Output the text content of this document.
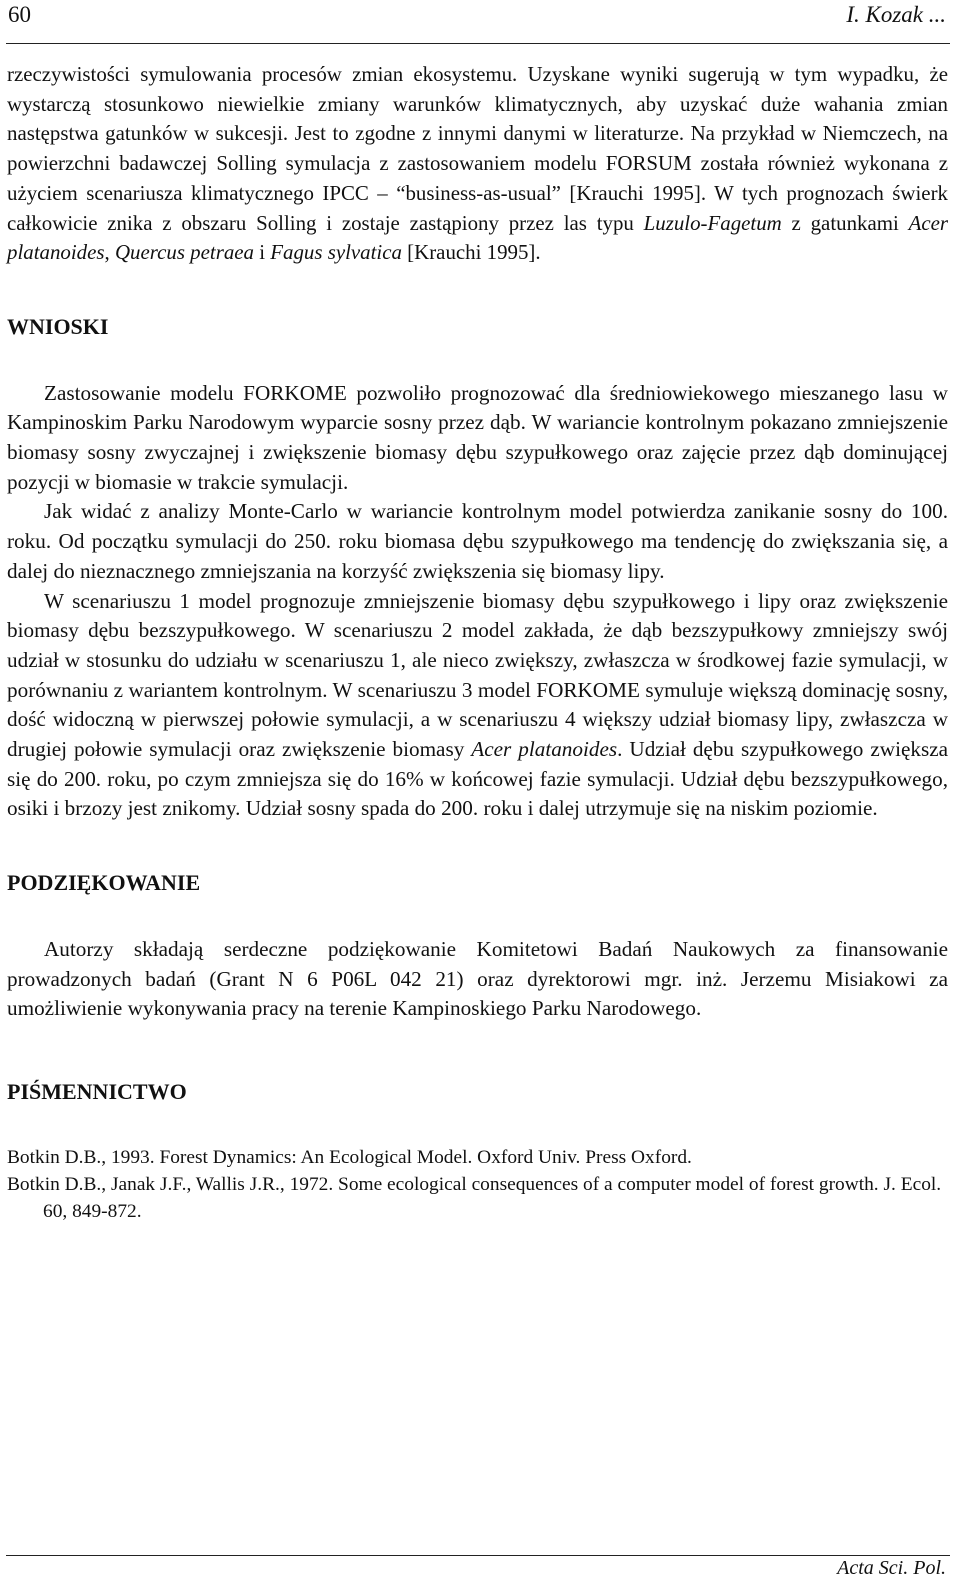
60	I. Kozak ...

rzeczywistości symulowania procesów zmian ekosystemu. Uzyskane wyniki sugerują w tym wypadku, że wystarczą stosunkowo niewielkie zmiany warunków klimatycznych, aby uzyskać duże wahania zmian następstwa gatunków w sukcesji. Jest to zgodne z innymi danymi w literaturze. Na przykład w Niemczech, na powierzchni badawczej Solling symulacja z zastosowaniem modelu FORSUM została również wykonana z użyciem scenariusza klimatycznego IPCC – “business-as-usual” [Krauchi 1995]. W tych prognozach świerk całkowicie znika z obszaru Solling i zostaje zastąpiony przez las typu Luzulo-Fagetum z gatunkami Acer platanoides, Quercus petraea i Fagus sylvatica [Krauchi 1995].

WNIOSKI

Zastosowanie modelu FORKOME pozwoliło prognozować dla średniowiekowego mieszanego lasu w Kampinoskim Parku Narodowym wyparcie sosny przez dąb. W wariancie kontrolnym pokazano zmniejszenie biomasy sosny zwyczajnej i zwiększenie biomasy dębu szypułkowego oraz zajęcie przez dąb dominującej pozycji w biomasie w trakcie symulacji.

Jak widać z analizy Monte-Carlo w wariancie kontrolnym model potwierdza zanikanie sosny do 100. roku. Od początku symulacji do 250. roku biomasa dębu szypułkowego ma tendencję do zwiększania się, a dalej do nieznacznego zmniejszania na korzyść zwiększenia się biomasy lipy.

W scenariuszu 1 model prognozuje zmniejszenie biomasy dębu szypułkowego i lipy oraz zwiększenie biomasy dębu bezszypułkowego. W scenariuszu 2 model zakłada, że dąb bezszypułkowy zmniejszy swój udział w stosunku do udziału w scenariuszu 1, ale nieco zwiększy, zwłaszcza w środkowej fazie symulacji, w porównaniu z wariantem kontrolnym. W scenariuszu 3 model FORKOME symuluje większą dominację sosny, dość widoczną w pierwszej połowie symulacji, a w scenariuszu 4 większy udział biomasy lipy, zwłaszcza w drugiej połowie symulacji oraz zwiększenie biomasy Acer platanoides. Udział dębu szypułkowego zwiększa się do 200. roku, po czym zmniejsza się do 16% w końcowej fazie symulacji. Udział dębu bezszypułkowego, osiki i brzozy jest znikomy. Udział sosny spada do 200. roku i dalej utrzymuje się na niskim poziomie.

PODZIĘKOWANIE

Autorzy składają serdeczne podziękowanie Komitetowi Badań Naukowych za finansowanie prowadzonych badań (Grant N 6 P06L 042 21) oraz dyrektorowi mgr. inż. Jerzemu Misiakowi za umożliwienie wykonywania pracy na terenie Kampinoskiego Parku Narodowego.

PIŚMENNICTWO

Botkin D.B., 1993. Forest Dynamics: An Ecological Model. Oxford Univ. Press Oxford.

Botkin D.B., Janak J.F., Wallis J.R., 1972. Some ecological consequences of a computer model of forest growth. J. Ecol. 60, 849-872.

Acta Sci. Pol.
